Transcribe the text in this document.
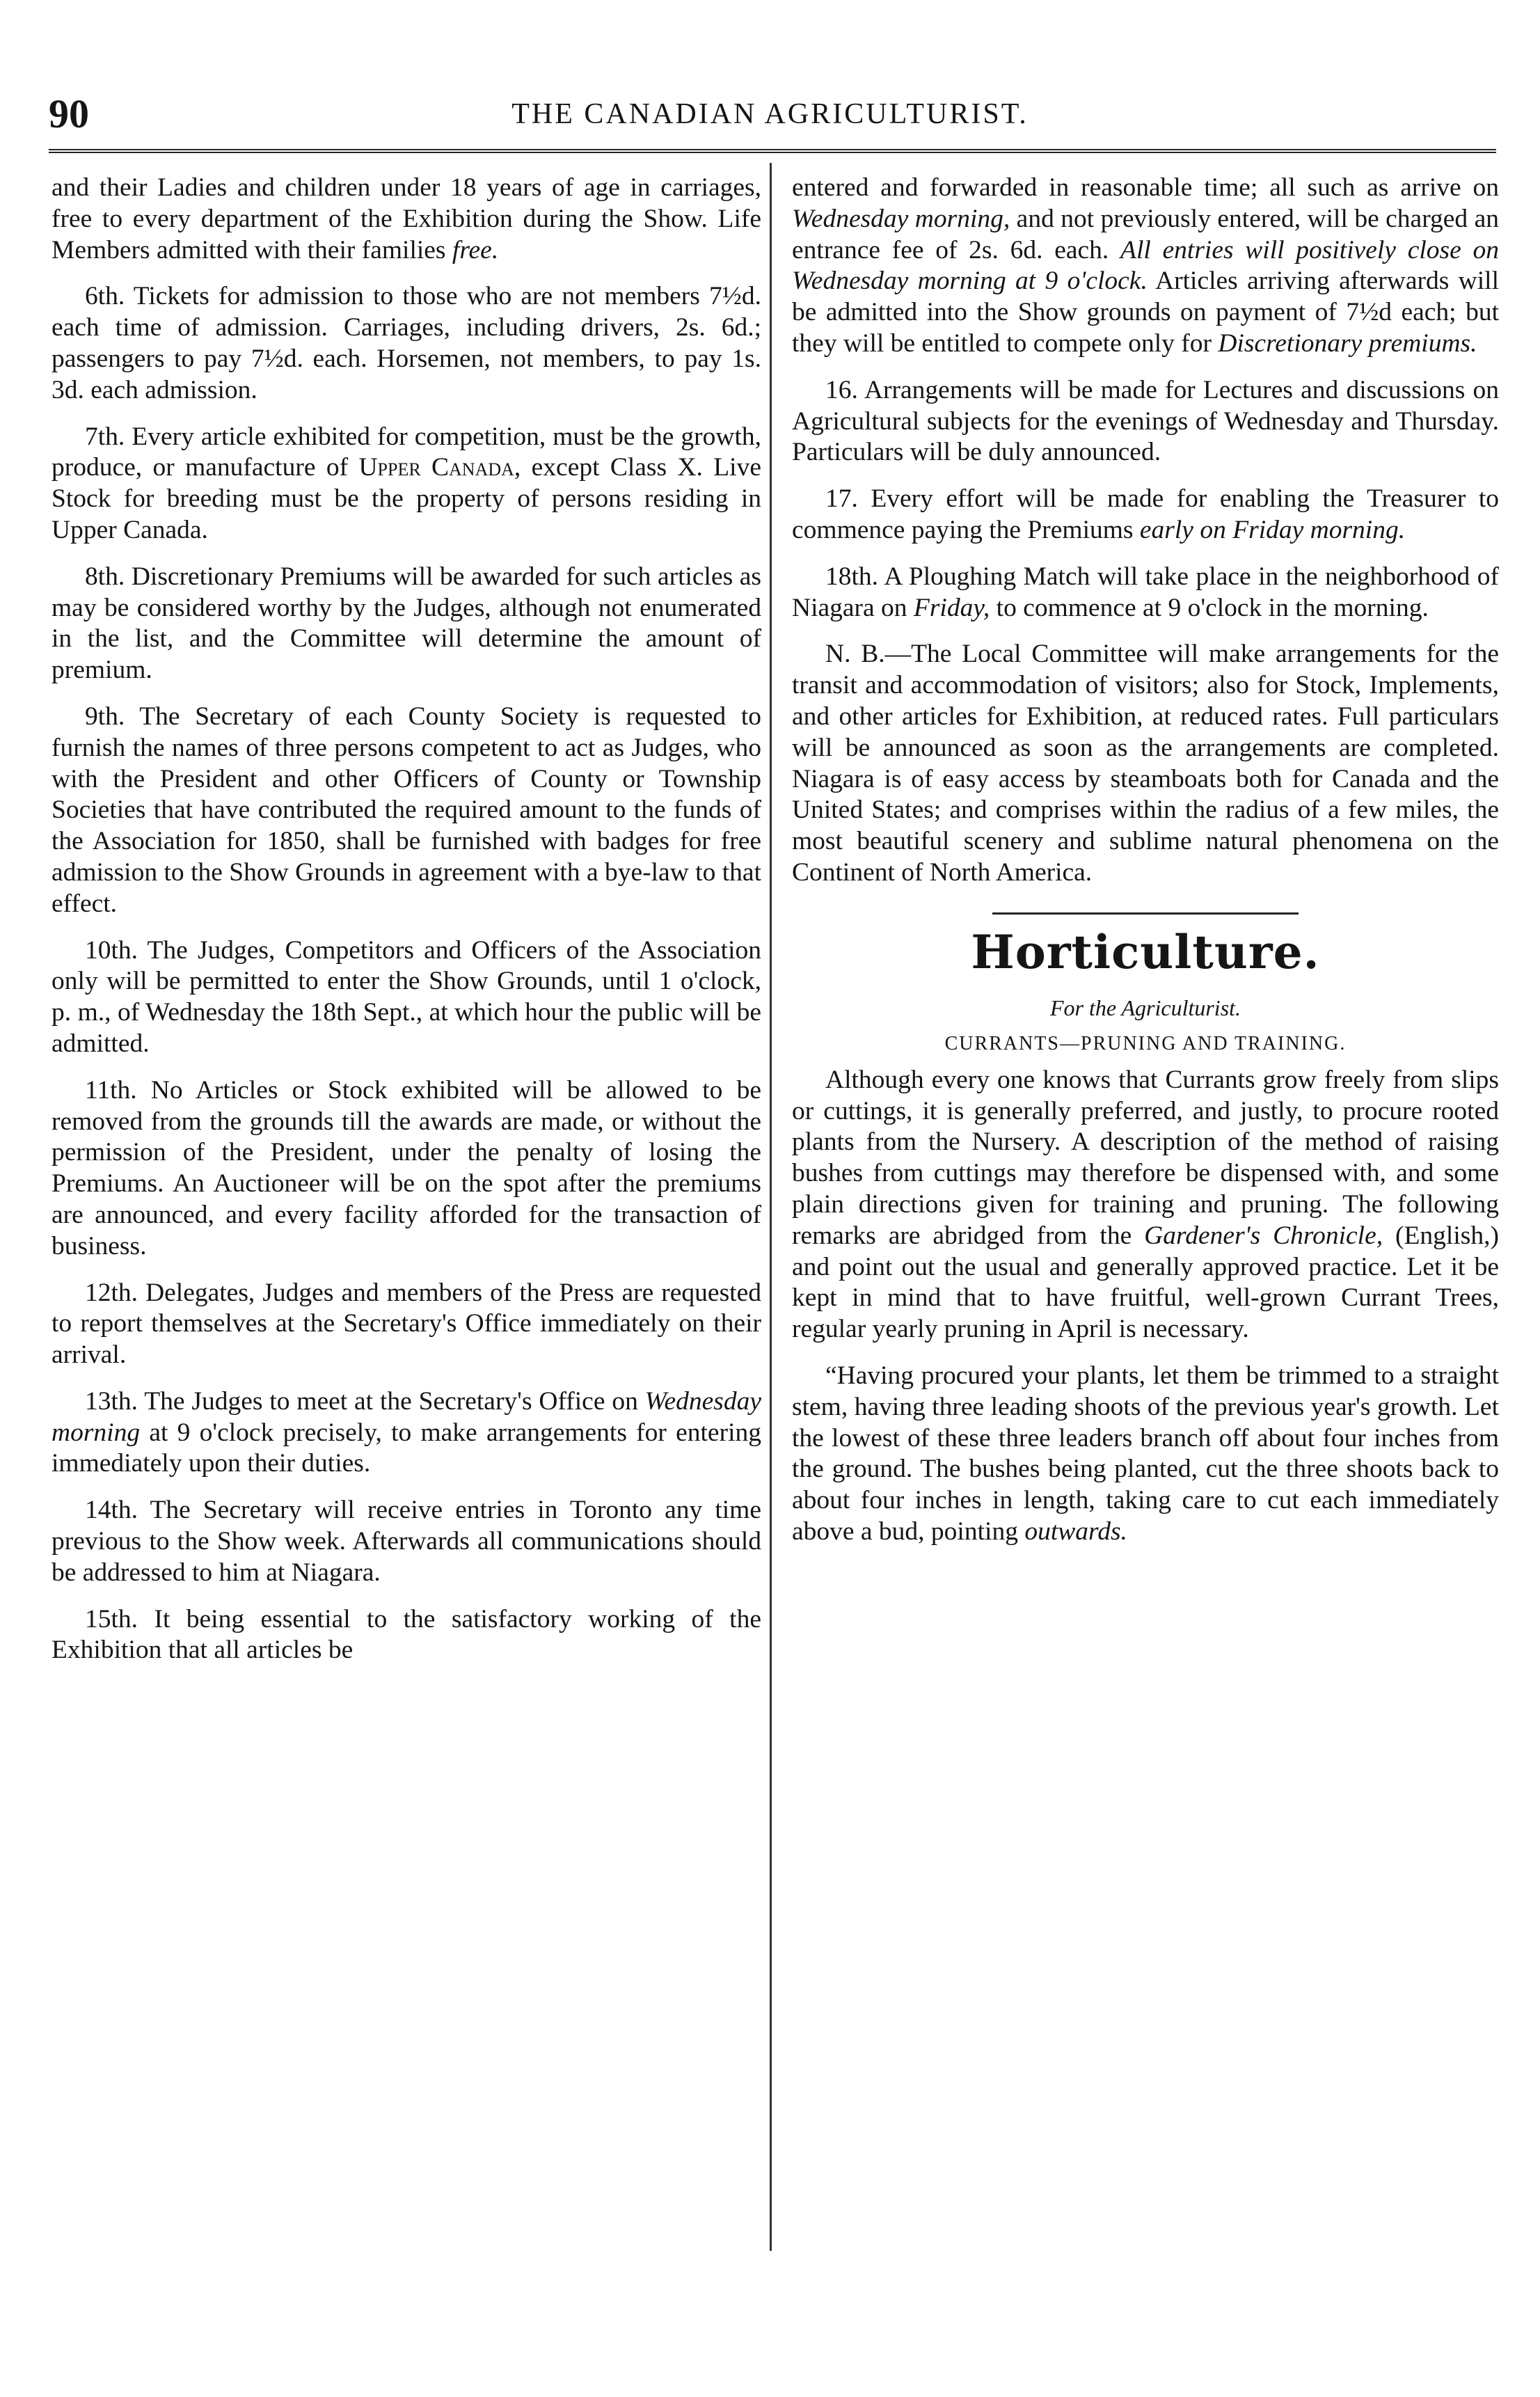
90	THE CANADIAN AGRICULTURIST.

and their Ladies and children under 18 years of age in carriages, free to every department of the Exhibition during the Show. Life Members admitted with their families free.

6th. Tickets for admission to those who are not members 7½d. each time of admission. Carriages, including drivers, 2s. 6d.; passengers to pay 7½d. each. Horsemen, not members, to pay 1s. 3d. each admission.

7th. Every article exhibited for competition, must be the growth, produce, or manufacture of Upper Canada, except Class X. Live Stock for breeding must be the property of persons residing in Upper Canada.

8th. Discretionary Premiums will be awarded for such articles as may be considered worthy by the Judges, although not enumerated in the list, and the Committee will determine the amount of premium.

9th. The Secretary of each County Society is requested to furnish the names of three persons competent to act as Judges, who with the President and other Officers of County or Township Societies that have contributed the required amount to the funds of the Association for 1850, shall be furnished with badges for free admission to the Show Grounds in agreement with a bye-law to that effect.

10th. The Judges, Competitors and Officers of the Association only will be permitted to enter the Show Grounds, until 1 o'clock, p. m., of Wednesday the 18th Sept., at which hour the public will be admitted.

11th. No Articles or Stock exhibited will be allowed to be removed from the grounds till the awards are made, or without the permission of the President, under the penalty of losing the Premiums. An Auctioneer will be on the spot after the premiums are announced, and every facility afforded for the transaction of business.

12th. Delegates, Judges and members of the Press are requested to report themselves at the Secretary's Office immediately on their arrival.

13th. The Judges to meet at the Secretary's Office on Wednesday morning at 9 o'clock precisely, to make arrangements for entering immediately upon their duties.

14th. The Secretary will receive entries in Toronto any time previous to the Show week. Afterwards all communications should be addressed to him at Niagara.

15th. It being essential to the satisfactory working of the Exhibition that all articles be

entered and forwarded in reasonable time; all such as arrive on Wednesday morning, and not previously entered, will be charged an entrance fee of 2s. 6d. each. All entries will positively close on Wednesday morning at 9 o'clock. Articles arriving afterwards will be admitted into the Show grounds on payment of 7½d each; but they will be entitled to compete only for Discretionary premiums.

16. Arrangements will be made for Lectures and discussions on Agricultural subjects for the evenings of Wednesday and Thursday. Particulars will be duly announced.

17. Every effort will be made for enabling the Treasurer to commence paying the Premiums early on Friday morning.

18th. A Ploughing Match will take place in the neighborhood of Niagara on Friday, to commence at 9 o'clock in the morning.

N. B.—The Local Committee will make arrangements for the transit and accommodation of visitors; also for Stock, Implements, and other articles for Exhibition, at reduced rates. Full particulars will be announced as soon as the arrangements are completed. Niagara is of easy access by steamboats both for Canada and the United States; and comprises within the radius of a few miles, the most beautiful scenery and sublime natural phenomena on the Continent of North America.

Horticulture.
For the Agriculturist.
CURRANTS—PRUNING AND TRAINING.

Although every one knows that Currants grow freely from slips or cuttings, it is generally preferred, and justly, to procure rooted plants from the Nursery. A description of the method of raising bushes from cuttings may therefore be dispensed with, and some plain directions given for training and pruning. The following remarks are abridged from the Gardener's Chronicle, (English,) and point out the usual and generally approved practice. Let it be kept in mind that to have fruitful, well-grown Currant Trees, regular yearly pruning in April is necessary.

“Having procured your plants, let them be trimmed to a straight stem, having three leading shoots of the previous year's growth. Let the lowest of these three leaders branch off about four inches from the ground. The bushes being planted, cut the three shoots back to about four inches in length, taking care to cut each immediately above a bud, pointing outwards.
